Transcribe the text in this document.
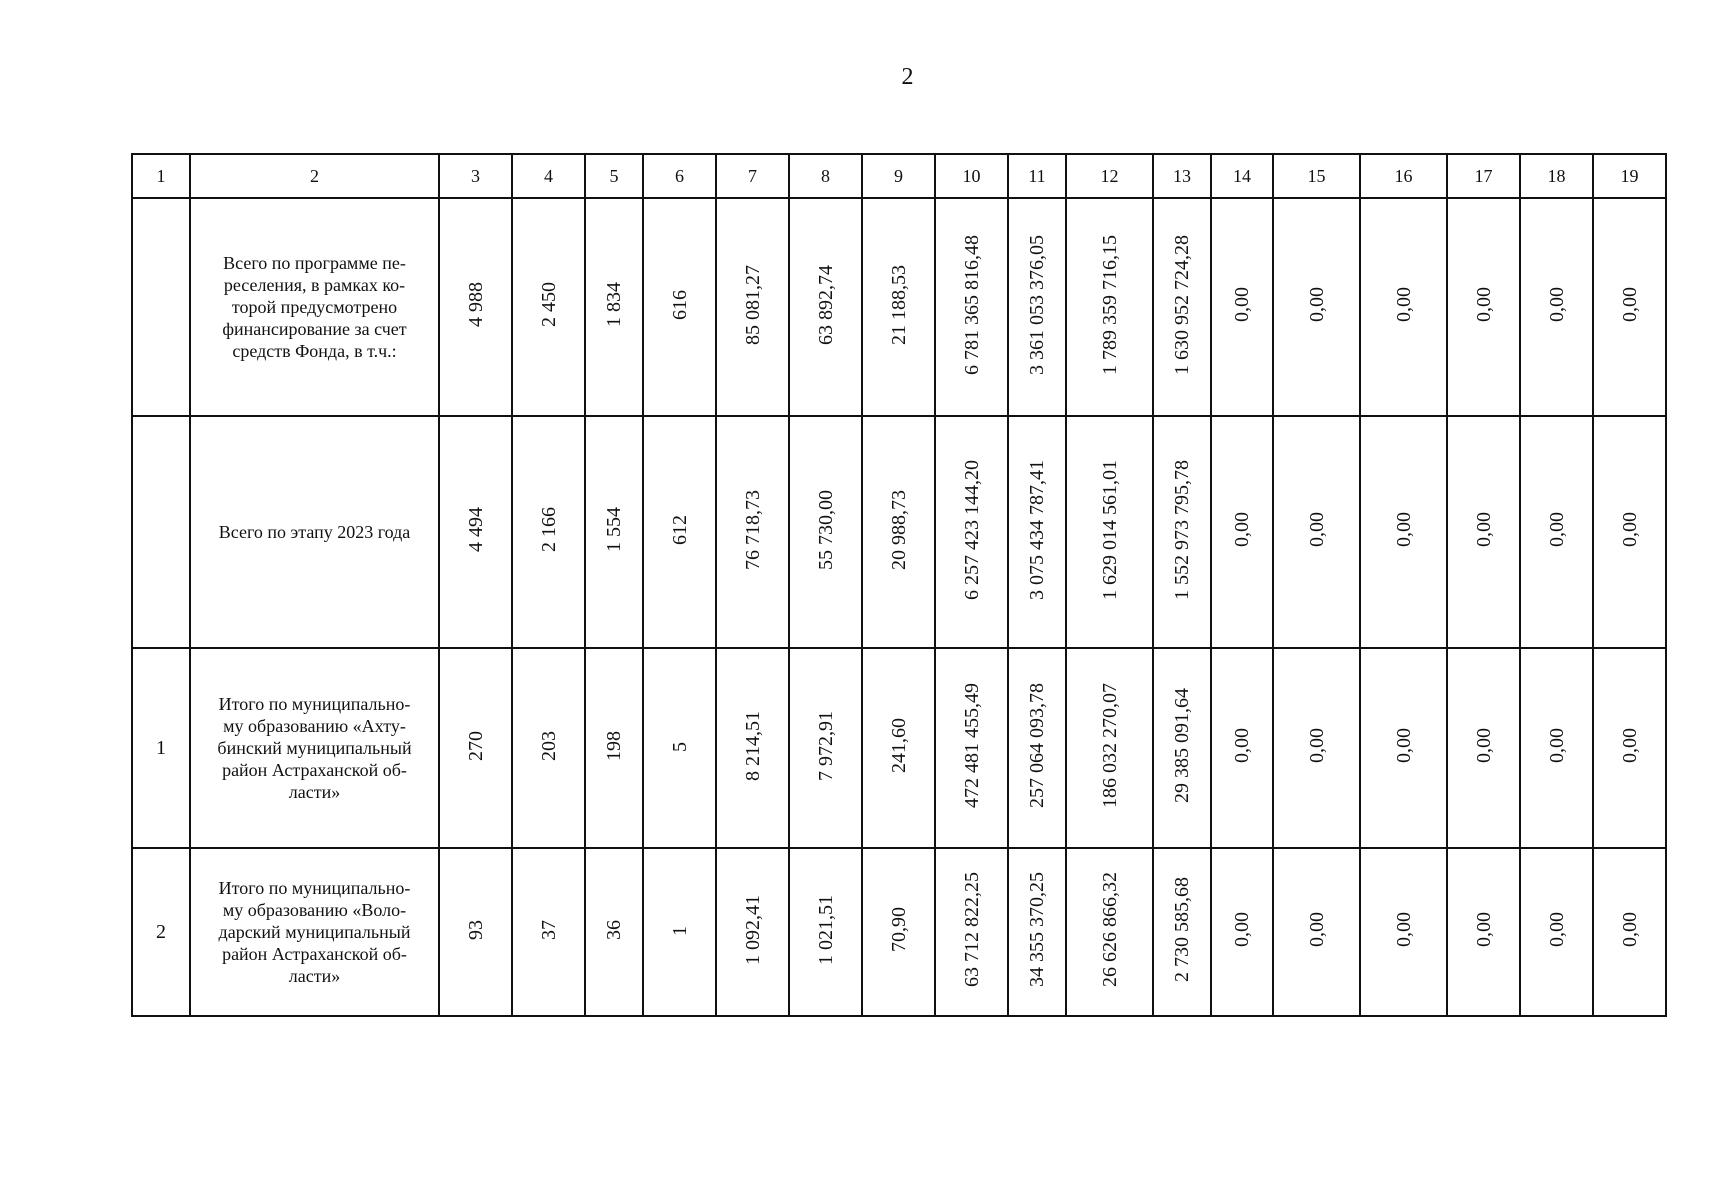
2
1	2	3	4	5	6	7	8	9	10	11	12	13	14	15	16	17	18	19

	Всего по программе пе-
реселения, в рамках ко-
торой предусмотрено
финансирование за счет
средств Фонда, в т.ч.:	4 988	2 450	1 834	616	85 081,27	63 892,74	21 188,53	6 781 365 816,48	3 361 053 376,05	1 789 359 716,15	1 630 952 724,28	0,00	0,00	0,00	0,00	0,00	0,00

	Всего по этапу 2023 года	4 494	2 166	1 554	612	76 718,73	55 730,00	20 988,73	6 257 423 144,20	3 075 434 787,41	1 629 014 561,01	1 552 973 795,78	0,00	0,00	0,00	0,00	0,00	0,00
1	Итого по муниципально-
му образованию «Ахту-
бинский муниципальный
район Астраханской об-
ласти»	270	203	198	5	8 214,51	7 972,91	241,60	472 481 455,49	257 064 093,78	186 032 270,07	29 385 091,64	0,00	0,00	0,00	0,00	0,00	0,00
2	Итого по муниципально-
му образованию «Воло-
дарский муниципальный
район Астраханской об-
ласти»	93	37	36	1	1 092,41	1 021,51	70,90	63 712 822,25	34 355 370,25	26 626 866,32	2 730 585,68	0,00	0,00	0,00	0,00	0,00	0,00
